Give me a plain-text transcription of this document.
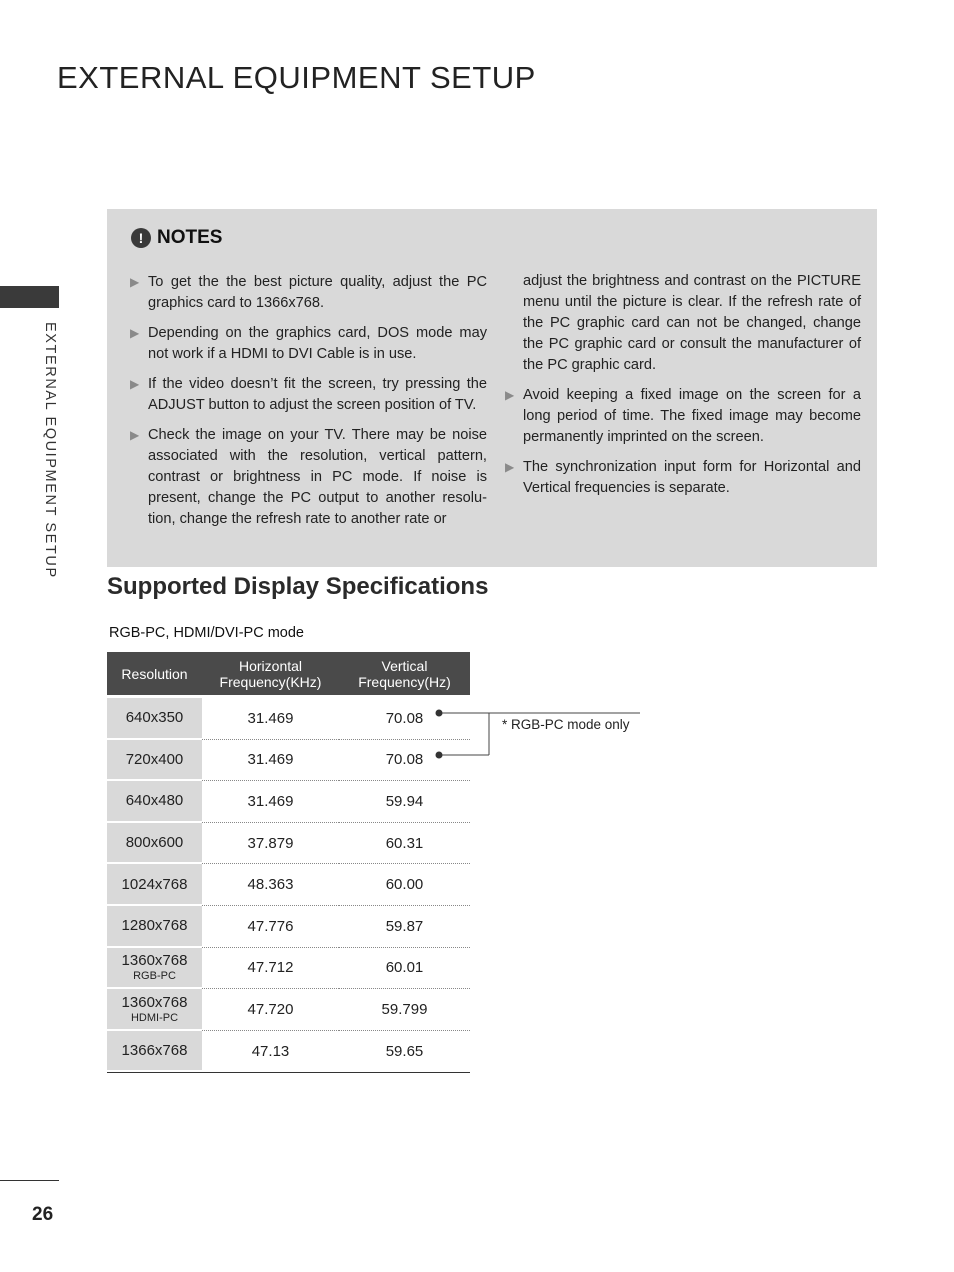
EXTERNAL EQUIPMENT SETUP
EXTERNAL EQUIPMENT SETUP
! NOTES

▶ To get the the best picture quality, adjust the PC graphics card to 1366x768.

▶ Depending on the graphics card, DOS mode may not work if a HDMI to DVI Cable is in use.

▶ If the video doesn’t fit the screen, try pressing the ADJUST button to adjust the screen position of TV.

▶ Check the image on your TV. There may be noise associated with the resolution, vertical pattern, contrast or brightness in PC mode. If noise is present, change the PC output to another resolu-tion, change the refresh rate to another rate or

adjust the brightness and contrast on the PICTURE menu until the picture is clear. If the refresh rate of the PC graphic card can not be changed, change the PC graphic card or consult the manufacturer of the PC graphic card.

▶ Avoid keeping a fixed image on the screen for a long period of time. The fixed image may become permanently imprinted on the screen.

▶ The synchronization input form for Horizontal and Vertical frequencies is separate.

Supported Display Specifications
RGB-PC, HDMI/DVI-PC mode
Resolution	Horizontal
Frequency(KHz)
Vertical
Frequency(Hz)
640x350	31.469	70.08
720x400	31.469	70.08
640x480	31.469	59.94
800x600	37.879	60.31
1024x768	48.363	60.00
1280x768	47.776	59.87
1360x768
RGB-PC	47.712	60.01
1360x768
HDMI-PC	47.720	59.799
1366x768	47.13	59.65
* RGB-PC mode only
26
